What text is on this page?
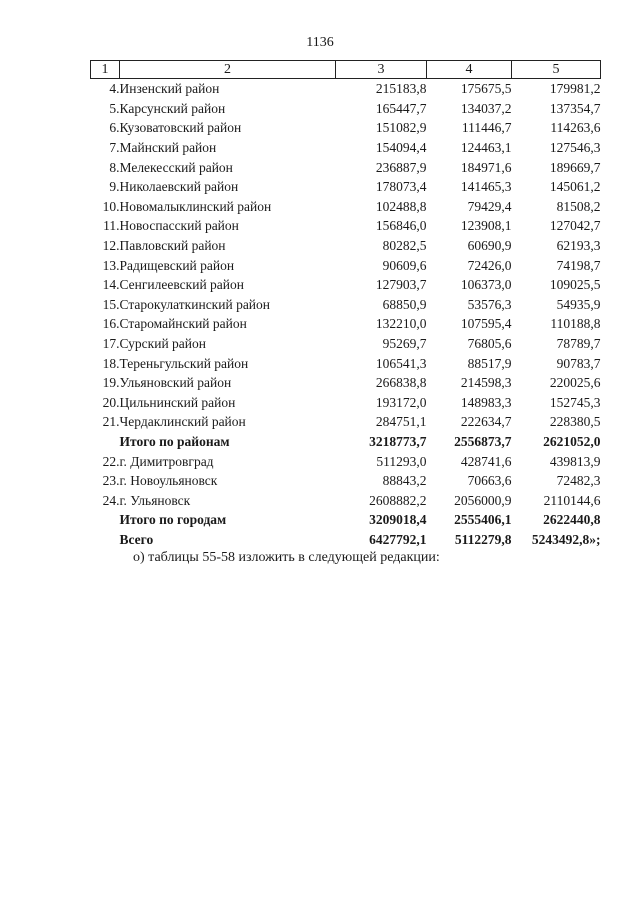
1136
1	2	3	4	5
4.	Инзенский район	215183,8	175675,5	179981,2
5.	Карсунский район	165447,7	134037,2	137354,7
6.	Кузоватовский район	151082,9	111446,7	114263,6
7.	Майнский район	154094,4	124463,1	127546,3
8.	Мелекесский район	236887,9	184971,6	189669,7
9.	Николаевский район	178073,4	141465,3	145061,2
10.	Новомалыклинский район	102488,8	79429,4	81508,2
11.	Новоспасский район	156846,0	123908,1	127042,7
12.	Павловский район	80282,5	60690,9	62193,3
13.	Радищевский район	90609,6	72426,0	74198,7
14.	Сенгилеевский район	127903,7	106373,0	109025,5
15.	Старокулаткинский район	68850,9	53576,3	54935,9
16.	Старомайнский район	132210,0	107595,4	110188,8
17.	Сурский район	95269,7	76805,6	78789,7
18.	Тереньгульский район	106541,3	88517,9	90783,7
19.	Ульяновский район	266838,8	214598,3	220025,6
20.	Цильнинский район	193172,0	148983,3	152745,3
21.	Чердаклинский район	284751,1	222634,7	228380,5
	Итого по районам	3218773,7	2556873,7	2621052,0
22.	г. Димитровград	511293,0	428741,6	439813,9
23.	г. Новоульяновск	88843,2	70663,6	72482,3
24.	г. Ульяновск	2608882,2	2056000,9	2110144,6
	Итого по городам	3209018,4	2555406,1	2622440,8
	Всего	6427792,1	5112279,8	5243492,8»;
о) таблицы 55-58 изложить в следующей редакции:
